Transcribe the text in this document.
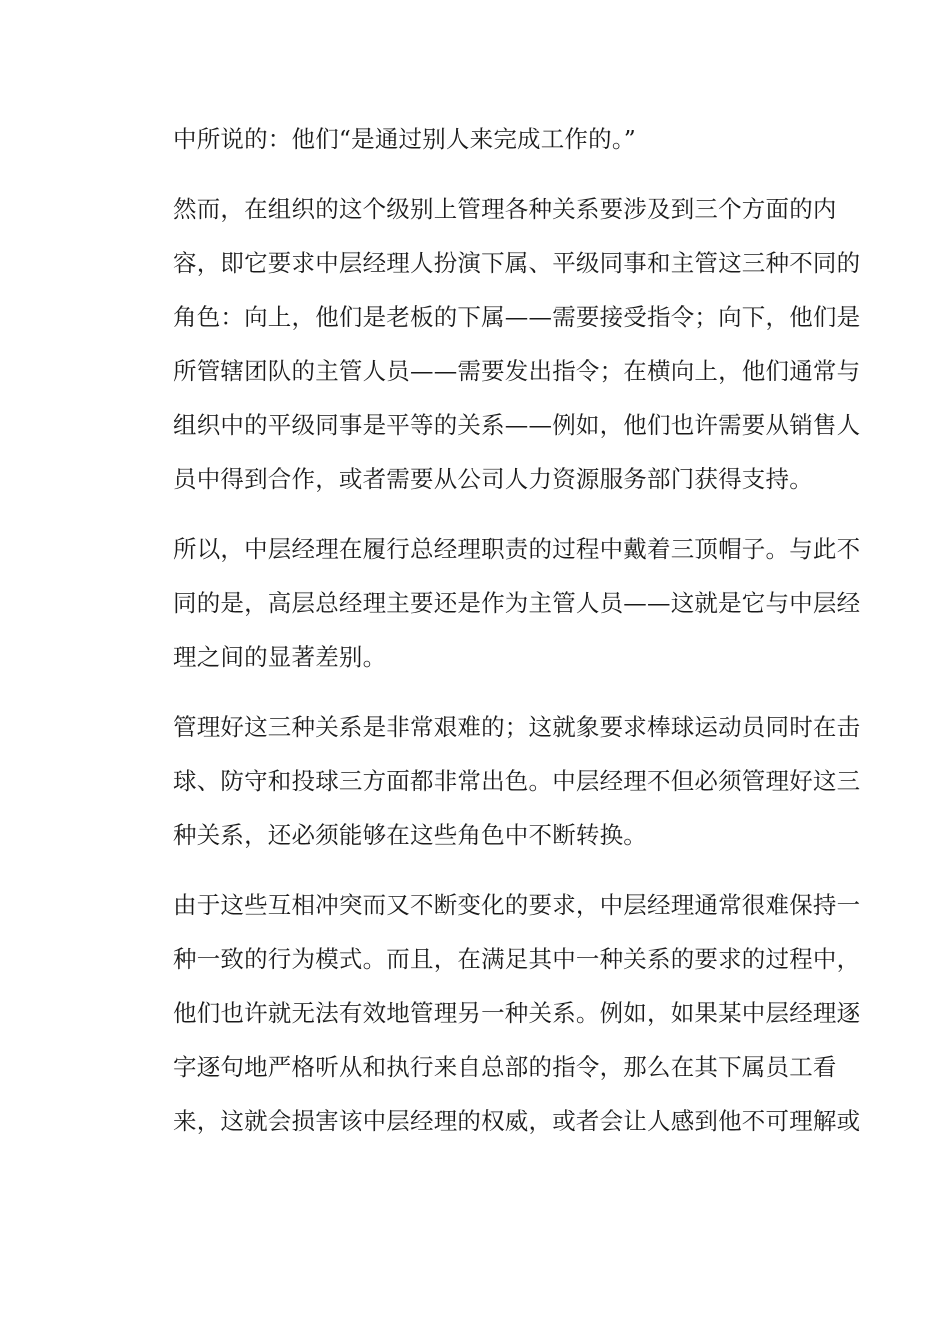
中所说的：他们“是通过别人来完成工作的。”

然而，在组织的这个级别上管理各种关系要涉及到三个方面的内
容，即它要求中层经理人扮演下属、平级同事和主管这三种不同的
角色：向上，他们是老板的下属——需要接受指令；向下，他们是
所管辖团队的主管人员——需要发出指令；在横向上，他们通常与
组织中的平级同事是平等的关系——例如，他们也许需要从销售人
员中得到合作，或者需要从公司人力资源服务部门获得支持。

所以，中层经理在履行总经理职责的过程中戴着三顶帽子。与此不
同的是，高层总经理主要还是作为主管人员——这就是它与中层经
理之间的显著差别。

管理好这三种关系是非常艰难的；这就象要求棒球运动员同时在击
球、防守和投球三方面都非常出色。中层经理不但必须管理好这三
种关系，还必须能够在这些角色中不断转换。

由于这些互相冲突而又不断变化的要求，中层经理通常很难保持一
种一致的行为模式。而且，在满足其中一种关系的要求的过程中，
他们也许就无法有效地管理另一种关系。例如，如果某中层经理逐
字逐句地严格听从和执行来自总部的指令，那么在其下属员工看
来，这就会损害该中层经理的权威，或者会让人感到他不可理解或
